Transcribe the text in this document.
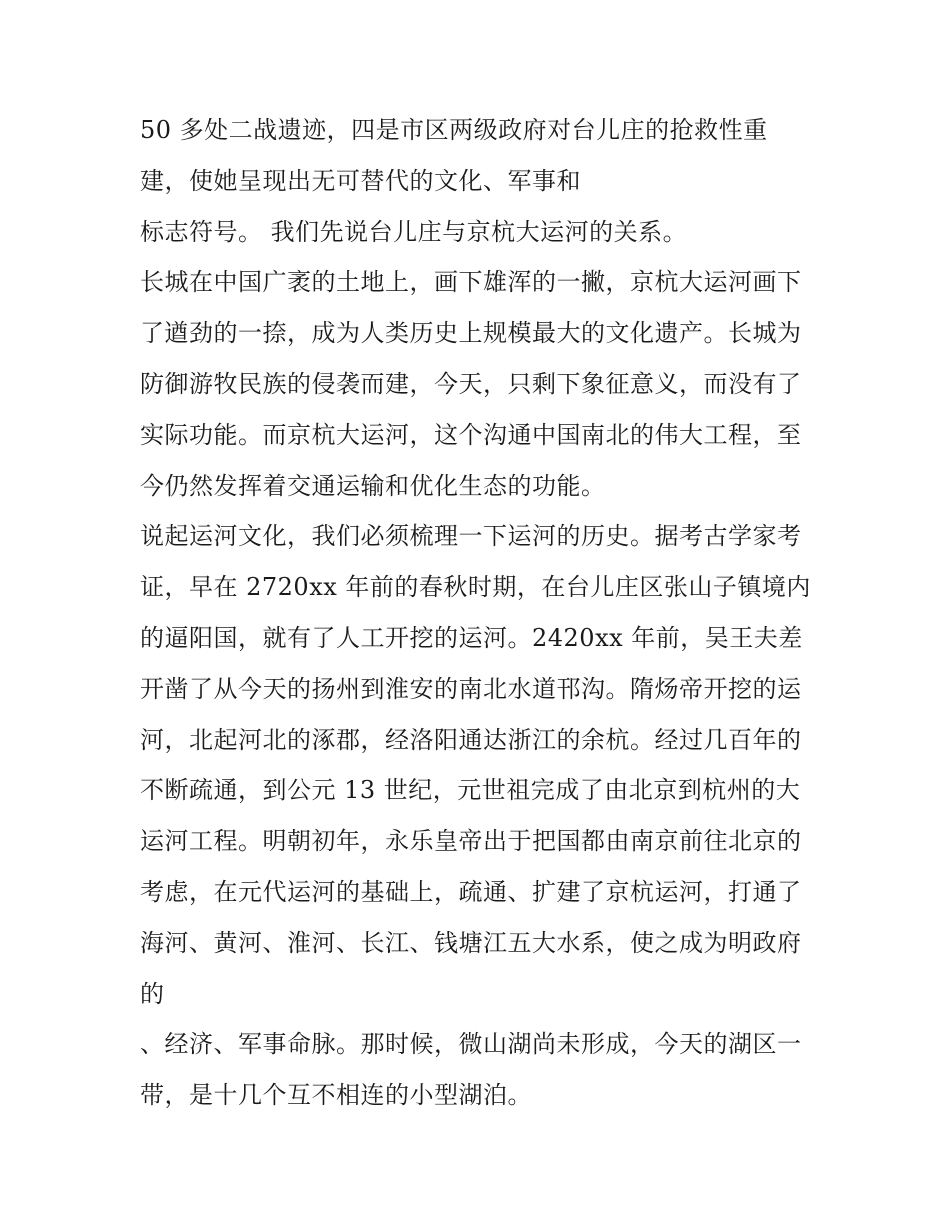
50 多处二战遗迹，四是市区两级政府对台儿庄的抢救性重
建，使她呈现出无可替代的文化、军事和
标志符号。 我们先说台儿庄与京杭大运河的关系。
长城在中国广袤的土地上，画下雄浑的一撇，京杭大运河画下
了遒劲的一捺，成为人类历史上规模最大的文化遗产。长城为
防御游牧民族的侵袭而建，今天，只剩下象征意义，而没有了
实际功能。而京杭大运河，这个沟通中国南北的伟大工程，至
今仍然发挥着交通运输和优化生态的功能。
说起运河文化，我们必须梳理一下运河的历史。据考古学家考
证，早在 2720xx 年前的春秋时期，在台儿庄区张山子镇境内
的逼阳国，就有了人工开挖的运河。2420xx 年前，吴王夫差
开凿了从今天的扬州到淮安的南北水道邗沟。隋炀帝开挖的运
河，北起河北的涿郡，经洛阳通达浙江的余杭。经过几百年的
不断疏通，到公元 13 世纪，元世祖完成了由北京到杭州的大
运河工程。明朝初年，永乐皇帝出于把国都由南京前往北京的
考虑，在元代运河的基础上，疏通、扩建了京杭运河，打通了
海河、黄河、淮河、长江、钱塘江五大水系，使之成为明政府
的
、经济、军事命脉。那时候，微山湖尚未形成，今天的湖区一
带，是十几个互不相连的小型湖泊。
